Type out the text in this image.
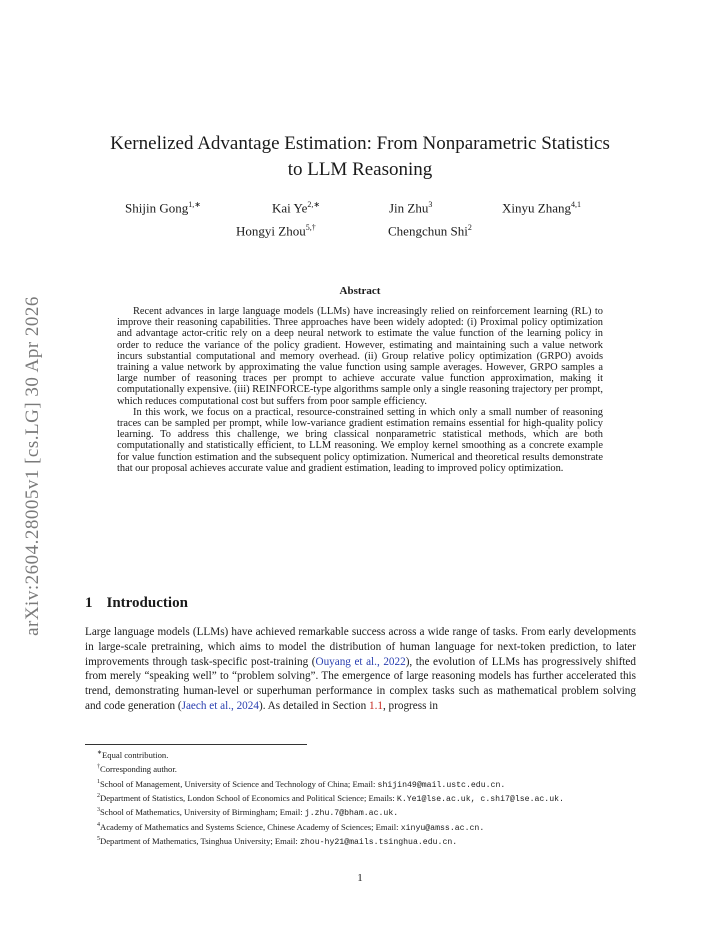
arXiv:2604.28005v1 [cs.LG] 30 Apr 2026
Kernelized Advantage Estimation: From Nonparametric Statistics
to LLM Reasoning
Shijin Gong$^{1,∗}$	Kai $Ye^{2,∗}$	Jin Zhu$^3$	Xinyu Zhang$^{4,1}$
Hongyi Zhou$^{5,\dagger}$	Chengchun Shi$^2$
Abstract

Recent advances in large language models (LLMs) have increasingly relied on reinforcement learning (RL) to improve their reasoning capabilities. Three approaches have been widely adopted: (i) Proximal policy optimization and advantage actor-critic rely on a deep neural network to estimate the value function of the learning policy in order to reduce the variance of the policy gradient. However, estimating and maintaining such a value network incurs substantial computational and memory overhead. (ii) Group relative policy optimization (GRPO) avoids training a value network by approximating the value function using sample averages. However, GRPO samples a large number of reasoning traces per prompt to achieve accurate value function approximation, making it computationally expensive. (iii) REINFORCE-type algorithms sample only a single reasoning trajectory per prompt, which reduces computational cost but suffers from poor sample efficiency.

In this work, we focus on a practical, resource-constrained setting in which only a small number of reasoning traces can be sampled per prompt, while low-variance gradient estimation remains essential for high-quality policy learning. To address this challenge, we bring classical nonparametric statistical methods, which are both computationally and statistically efficient, to LLM reasoning. We employ kernel smoothing as a concrete example for value function estimation and the subsequent policy optimization. Numerical and theoretical results demonstrate that our proposal achieves accurate value and gradient estimation, leading to improved policy optimization.

1 Introduction

Large language models (LLMs) have achieved remarkable success across a wide range of tasks. From early developments in large-scale pretraining, which aims to model the distribution of human language for next-token prediction, to later improvements through task-specific post-training (Ouyang et al., 2022), the evolution of LLMs has progressively shifted from merely “speaking well” to “problem solving”. The emergence of large reasoning models has further accelerated this trend, demonstrating human-level or superhuman performance in complex tasks such as mathematical problem solving and code generation (Jaech et al., 2024). As detailed in Section 1.1, progress in

∗Equal contribution.
†Corresponding author.
$^1$School of Management, University of Science and Technology of China; Email: shijin49@mail.ustc.edu.cn.
$^2$Department of Statistics, London School of Economics and Political Science; Emails: K.Ye1@lse.ac.uk, c.shi7@lse.ac.uk.
$^3$School of Mathematics, University of Birmingham; Email: j.zhu.7@bham.ac.uk.
$^4$Academy of Mathematics and Systems Science, Chinese Academy of Sciences; Email: xinyu@amss.ac.cn.
$^5$Department of Mathematics, Tsinghua University; Email: zhou-hy21@mails.tsinghua.edu.cn.
1
